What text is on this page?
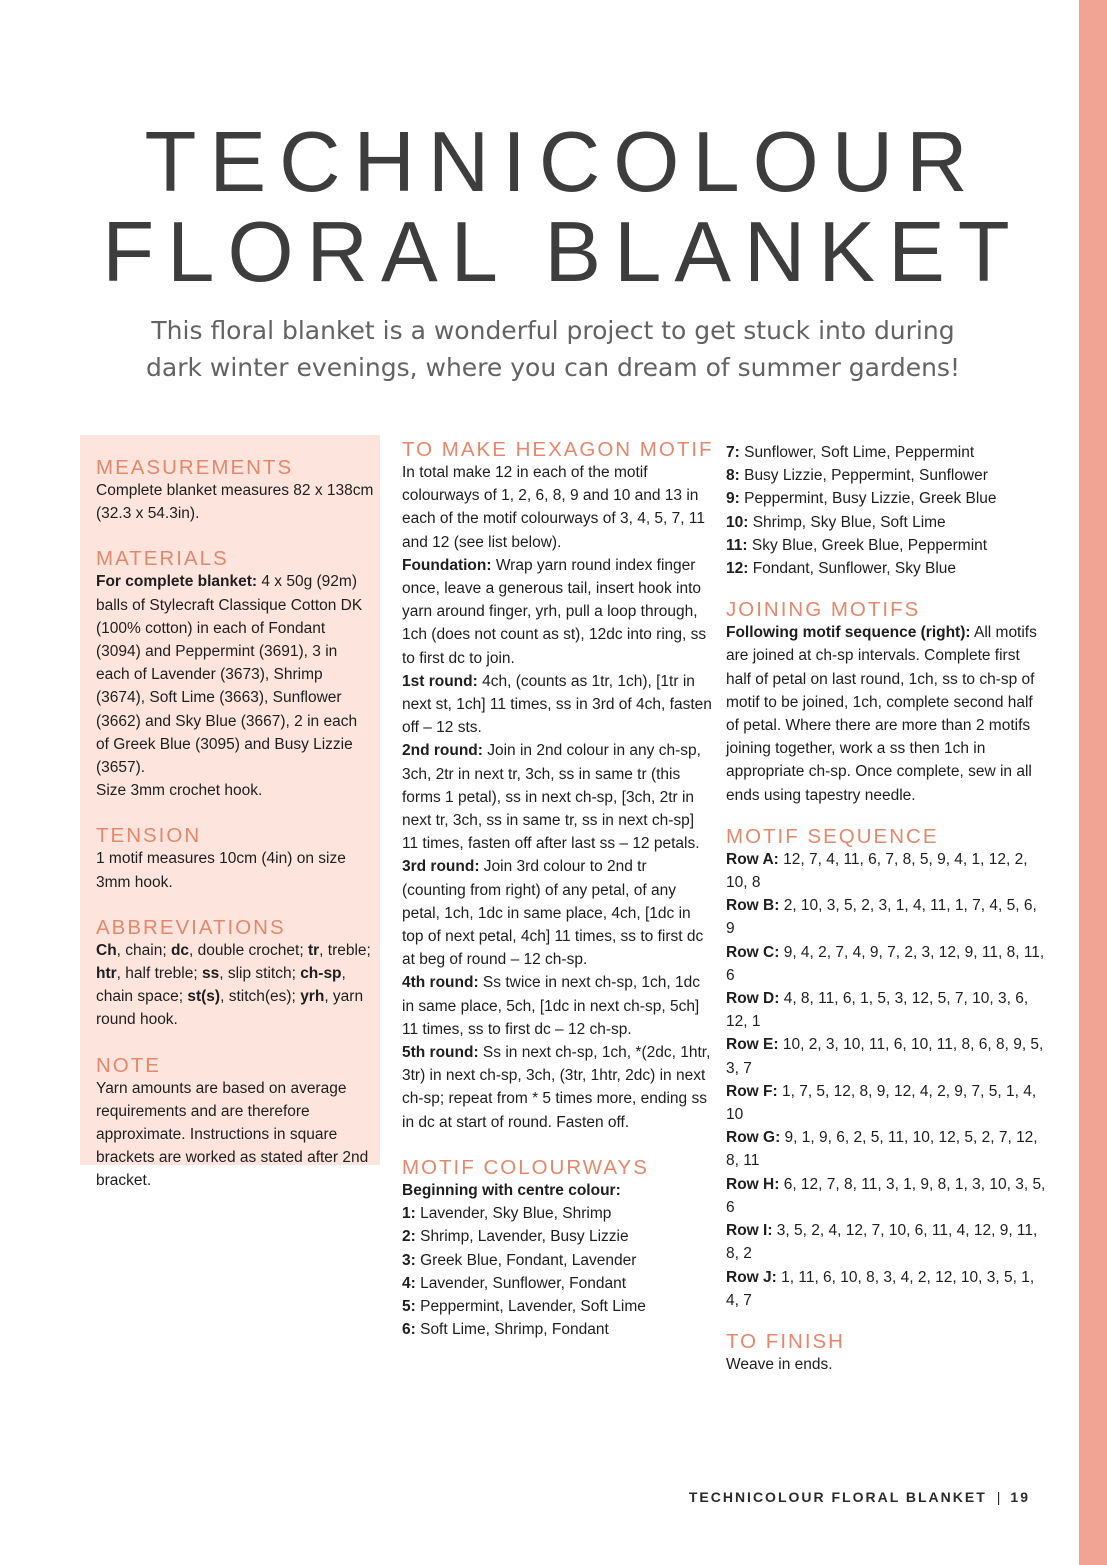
TECHNICOLOUR
FLORAL BLANKET

This floral blanket is a wonderful project to get stuck into during
dark winter evenings, where you can dream of summer gardens!

MEASUREMENTS

Complete blanket measures 82 x 138cm (32.3 x 54.3in).

MATERIALS

For complete blanket: 4 x 50g (92m) balls of Stylecraft Classique Cotton DK (100% cotton) in each of Fondant (3094) and Peppermint (3691), 3 in each of Lavender (3673), Shrimp (3674), Soft Lime (3663), Sunflower (3662) and Sky Blue (3667), 2 in each of Greek Blue (3095) and Busy Lizzie (3657).

Size 3mm crochet hook.

TENSION

1 motif measures 10cm (4in) on size 3mm hook.

ABBREVIATIONS

Ch, chain; dc, double crochet; tr, treble; htr, half treble; ss, slip stitch; ch-sp, chain space; st(s), stitch(es); yrh, yarn round hook.

NOTE

Yarn amounts are based on average requirements and are therefore approximate. Instructions in square brackets are worked as stated after 2nd bracket.

TO MAKE HEXAGON MOTIF

In total make 12 in each of the motif colourways of 1, 2, 6, 8, 9 and 10 and 13 in each of the motif colourways of 3, 4, 5, 7, 11 and 12 (see list below).

Foundation: Wrap yarn round index finger once, leave a generous tail, insert hook into yarn around finger, yrh, pull a loop through, 1ch (does not count as st), 12dc into ring, ss to first dc to join.

1st round: 4ch, (counts as 1tr, 1ch), [1tr in next st, 1ch] 11 times, ss in 3rd of 4ch, fasten off – 12 sts.

2nd round: Join in 2nd colour in any ch-sp, 3ch, 2tr in next tr, 3ch, ss in same tr (this forms 1 petal), ss in next ch-sp, [3ch, 2tr in next tr, 3ch, ss in same tr, ss in next ch-sp] 11 times, fasten off after last ss – 12 petals.

3rd round: Join 3rd colour to 2nd tr (counting from right) of any petal, of any petal, 1ch, 1dc in same place, 4ch, [1dc in top of next petal, 4ch] 11 times, ss to first dc at beg of round – 12 ch-sp.

4th round: Ss twice in next ch-sp, 1ch, 1dc in same place, 5ch, [1dc in next ch-sp, 5ch] 11 times, ss to first dc – 12 ch-sp.

5th round: Ss in next ch-sp, 1ch, *(2dc, 1htr, 3tr) in next ch-sp, 3ch, (3tr, 1htr, 2dc) in next ch-sp; repeat from * 5 times more, ending ss in dc at start of round. Fasten off.

MOTIF COLOURWAYS
Beginning with centre colour:
1: Lavender, Sky Blue, Shrimp
2: Shrimp, Lavender, Busy Lizzie
3: Greek Blue, Fondant, Lavender
4: Lavender, Sunflower, Fondant
5: Peppermint, Lavender, Soft Lime
6: Soft Lime, Shrimp, Fondant
7: Sunflower, Soft Lime, Peppermint
8: Busy Lizzie, Peppermint, Sunflower
9: Peppermint, Busy Lizzie, Greek Blue
10: Shrimp, Sky Blue, Soft Lime
11: Sky Blue, Greek Blue, Peppermint
12: Fondant, Sunflower, Sky Blue
JOINING MOTIFS

Following motif sequence (right): All motifs are joined at ch-sp intervals. Complete first half of petal on last round, 1ch, ss to ch-sp of motif to be joined, 1ch, complete second half of petal. Where there are more than 2 motifs joining together, work a ss then 1ch in appropriate ch-sp. Once complete, sew in all ends using tapestry needle.

MOTIF SEQUENCE
Row A: 12, 7, 4, 11, 6, 7, 8, 5, 9, 4, 1, 12, 2, 10, 8
Row B: 2, 10, 3, 5, 2, 3, 1, 4, 11, 1, 7, 4, 5, 6, 9
Row C: 9, 4, 2, 7, 4, 9, 7, 2, 3, 12, 9, 11, 8, 11, 6
Row D: 4, 8, 11, 6, 1, 5, 3, 12, 5, 7, 10, 3, 6, 12, 1
Row E: 10, 2, 3, 10, 11, 6, 10, 11, 8, 6, 8, 9, 5, 3, 7
Row F: 1, 7, 5, 12, 8, 9, 12, 4, 2, 9, 7, 5, 1, 4, 10
Row G: 9, 1, 9, 6, 2, 5, 11, 10, 12, 5, 2, 7, 12, 8, 11
Row H: 6, 12, 7, 8, 11, 3, 1, 9, 8, 1, 3, 10, 3, 5, 6
Row I: 3, 5, 2, 4, 12, 7, 10, 6, 11, 4, 12, 9, 11, 8, 2
Row J: 1, 11, 6, 10, 8, 3, 4, 2, 12, 10, 3, 5, 1, 4, 7
TO FINISH

Weave in ends.

TECHNICOLOUR FLORAL BLANKET | 19
